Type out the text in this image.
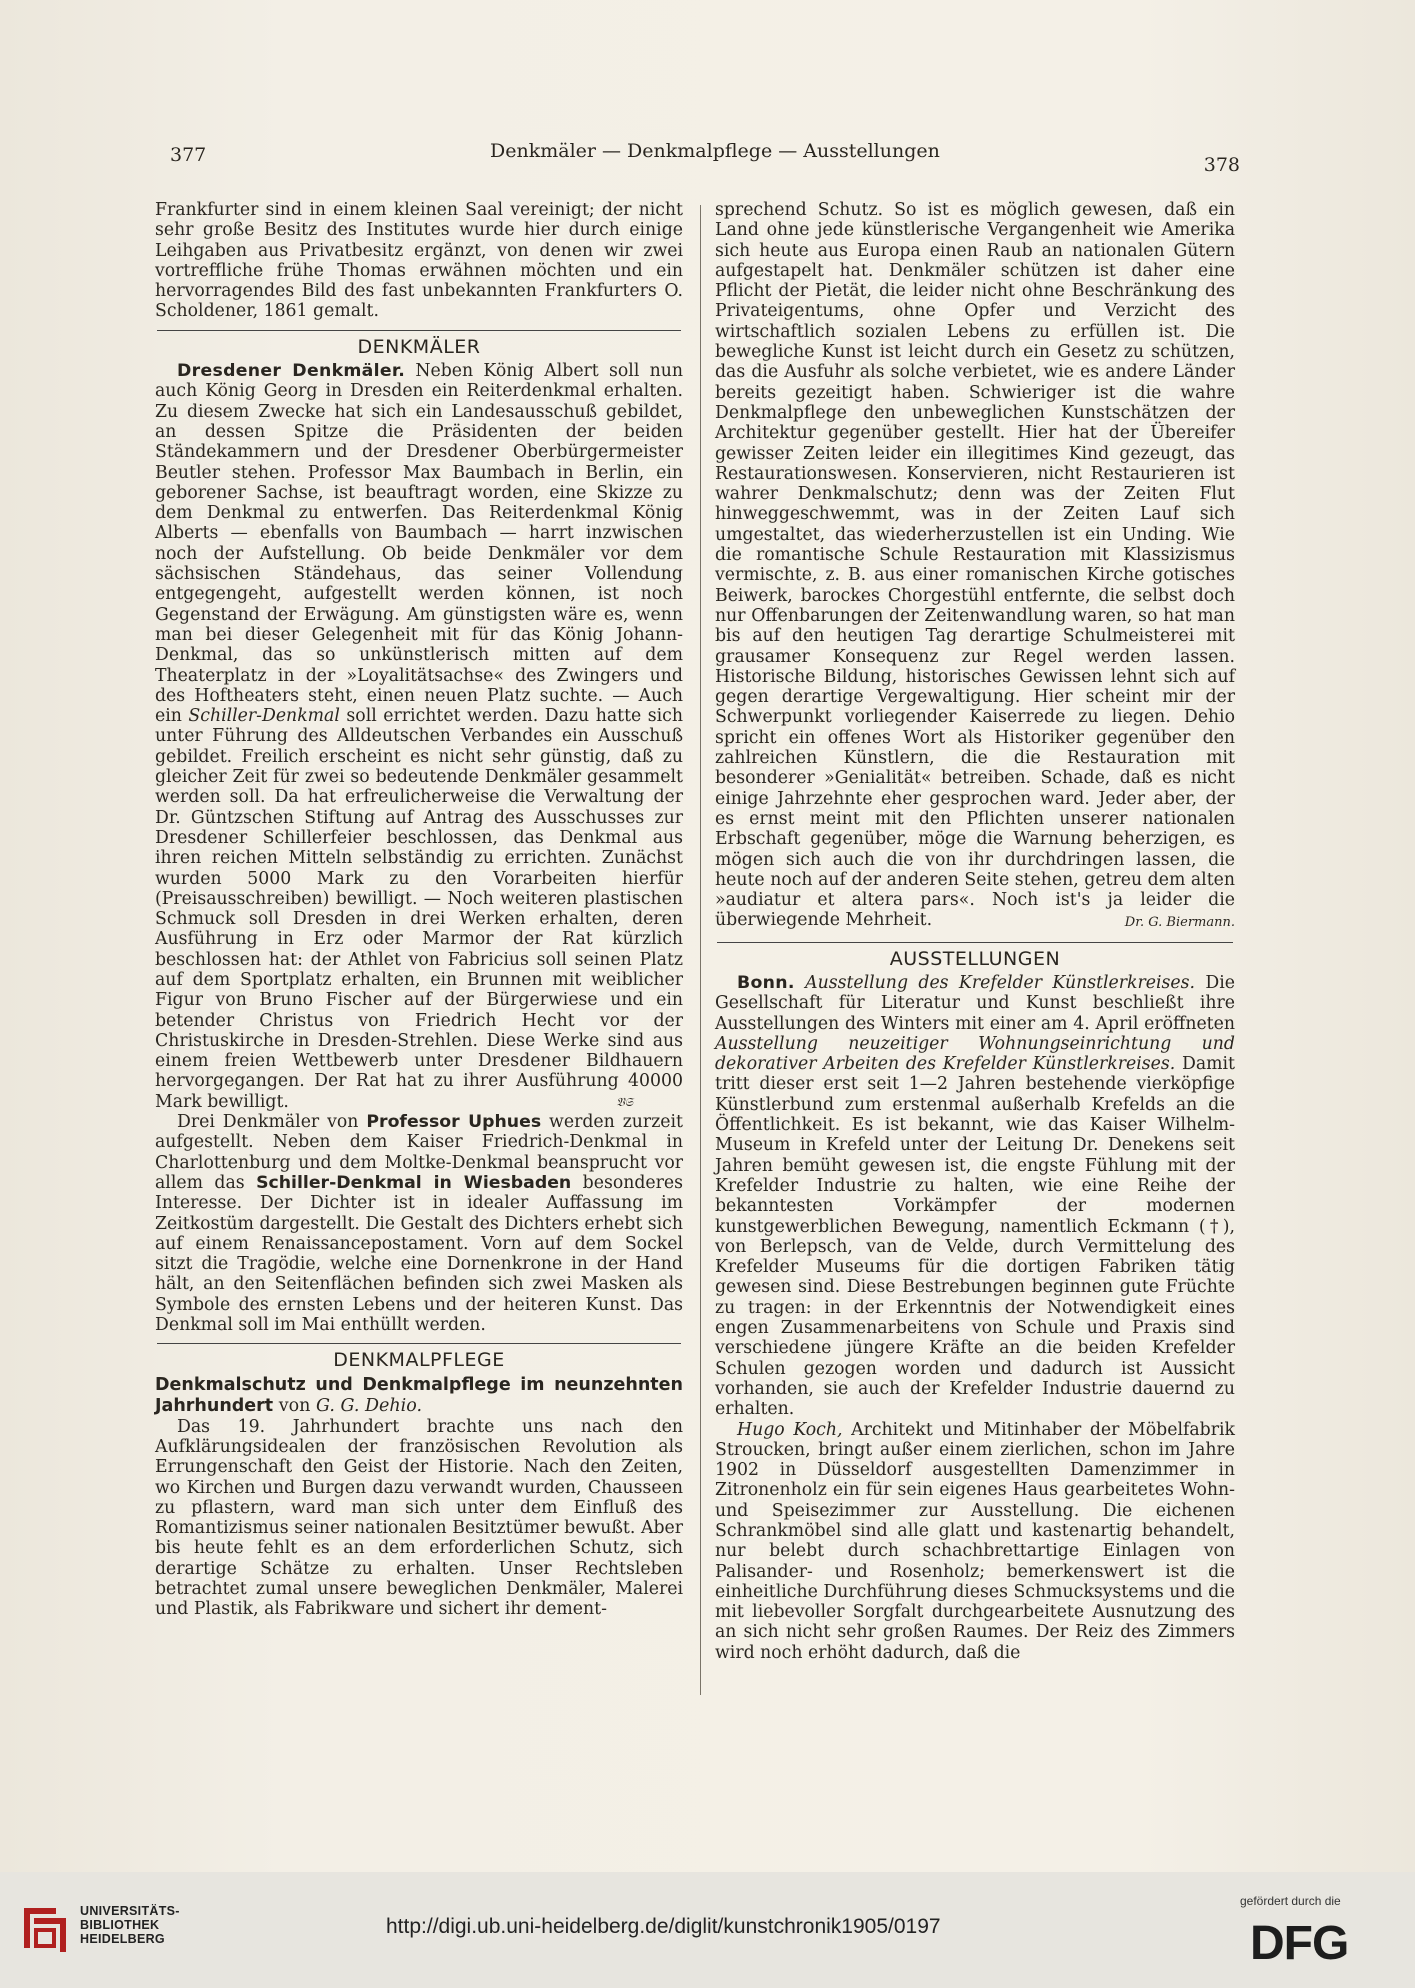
377	Denkmäler — Denkmalpflege — Ausstellungen
378

Frankfurter sind in einem kleinen Saal vereinigt; der nicht sehr große Besitz des Institutes wurde hier durch einige Leihgaben aus Privatbesitz ergänzt, von denen wir zwei vortreffliche frühe Thomas erwähnen möchten und ein hervorragendes Bild des fast unbekannten Frankfurters O. Scholdener, 1861 gemalt.

DENKMÄLER

Dresdener Denkmäler. Neben König Albert soll nun auch König Georg in Dresden ein Reiterdenkmal erhalten. Zu diesem Zwecke hat sich ein Landesausschuß gebildet, an dessen Spitze die Präsidenten der beiden Ständekammern und der Dresdener Oberbürgermeister Beutler stehen. Professor Max Baumbach in Berlin, ein geborener Sachse, ist beauftragt worden, eine Skizze zu dem Denkmal zu entwerfen. Das Reiterdenkmal König Alberts — ebenfalls von Baumbach — harrt inzwischen noch der Aufstellung. Ob beide Denkmäler vor dem sächsischen Ständehaus, das seiner Vollendung entgegengeht, aufgestellt werden können, ist noch Gegenstand der Erwägung. Am günstigsten wäre es, wenn man bei dieser Gelegenheit mit für das König Johann-Denkmal, das so unkünstlerisch mitten auf dem Theaterplatz in der »Loyalitätsachse« des Zwingers und des Hoftheaters steht, einen neuen Platz suchte. — Auch ein Schiller-Denkmal soll errichtet werden. Dazu hatte sich unter Führung des Alldeutschen Verbandes ein Ausschuß gebildet. Freilich erscheint es nicht sehr günstig, daß zu gleicher Zeit für zwei so bedeutende Denkmäler gesammelt werden soll. Da hat erfreulicherweise die Verwaltung der Dr. Güntzschen Stiftung auf Antrag des Ausschusses zur Dresdener Schillerfeier beschlossen, das Denkmal aus ihren reichen Mitteln selbständig zu errichten. Zunächst wurden 5000 Mark zu den Vorarbeiten hierfür (Preisausschreiben) bewilligt. — Noch weiteren plastischen Schmuck soll Dresden in drei Werken erhalten, deren Ausführung in Erz oder Marmor der Rat kürzlich beschlossen hat: der Athlet von Fabricius soll seinen Platz auf dem Sportplatz erhalten, ein Brunnen mit weiblicher Figur von Bruno Fischer auf der Bürgerwiese und ein betender Christus von Friedrich Hecht vor der Christuskirche in Dresden-Strehlen. Diese Werke sind aus einem freien Wettbewerb unter Dresdener Bildhauern hervorgegangen. Der Rat hat zu ihrer Ausführung 40000 Mark bewilligt.	𝔙𝔖

Drei Denkmäler von Professor Uphues werden zurzeit aufgestellt. Neben dem Kaiser Friedrich-Denkmal in Charlottenburg und dem Moltke-Denkmal beansprucht vor allem das Schiller-Denkmal in Wiesbaden besonderes Interesse. Der Dichter ist in idealer Auffassung im Zeitkostüm dargestellt. Die Gestalt des Dichters erhebt sich auf einem Renaissancepostament. Vorn auf dem Sockel sitzt die Tragödie, welche eine Dornenkrone in der Hand hält, an den Seitenflächen befinden sich zwei Masken als Symbole des ernsten Lebens und der heiteren Kunst. Das Denkmal soll im Mai enthüllt werden.

DENKMALPFLEGE

Denkmalschutz und Denkmalpflege im neunzehnten Jahrhundert von G. G. Dehio.

Das 19. Jahrhundert brachte uns nach den Aufklärungsidealen der französischen Revolution als Errungenschaft den Geist der Historie. Nach den Zeiten, wo Kirchen und Burgen dazu verwandt wurden, Chausseen zu pflastern, ward man sich unter dem Einfluß des Romantizismus seiner nationalen Besitztümer bewußt. Aber bis heute fehlt es an dem erforderlichen Schutz, sich derartige Schätze zu erhalten. Unser Rechtsleben betrachtet zumal unsere beweglichen Denkmäler, Malerei und Plastik, als Fabrikware und sichert ihr dement-

sprechend Schutz. So ist es möglich gewesen, daß ein Land ohne jede künstlerische Vergangenheit wie Amerika sich heute aus Europa einen Raub an nationalen Gütern aufgestapelt hat. Denkmäler schützen ist daher eine Pflicht der Pietät, die leider nicht ohne Beschränkung des Privateigentums, ohne Opfer und Verzicht des wirtschaftlich sozialen Lebens zu erfüllen ist. Die bewegliche Kunst ist leicht durch ein Gesetz zu schützen, das die Ausfuhr als solche verbietet, wie es andere Länder bereits gezeitigt haben. Schwieriger ist die wahre Denkmalpflege den unbeweglichen Kunstschätzen der Architektur gegenüber gestellt. Hier hat der Übereifer gewisser Zeiten leider ein illegitimes Kind gezeugt, das Restaurationswesen. Konservieren, nicht Restaurieren ist wahrer Denkmalschutz; denn was der Zeiten Flut hinweggeschwemmt, was in der Zeiten Lauf sich umgestaltet, das wiederherzustellen ist ein Unding. Wie die romantische Schule Restauration mit Klassizismus vermischte, z. B. aus einer romanischen Kirche gotisches Beiwerk, barockes Chorgestühl entfernte, die selbst doch nur Offenbarungen der Zeitenwandlung waren, so hat man bis auf den heutigen Tag derartige Schulmeisterei mit grausamer Konsequenz zur Regel werden lassen. Historische Bildung, historisches Gewissen lehnt sich auf gegen derartige Vergewaltigung. Hier scheint mir der Schwerpunkt vorliegender Kaiserrede zu liegen. Dehio spricht ein offenes Wort als Historiker gegenüber den zahlreichen Künstlern, die die Restauration mit besonderer »Genialität« betreiben. Schade, daß es nicht einige Jahrzehnte eher gesprochen ward. Jeder aber, der es ernst meint mit den Pflichten unserer nationalen Erbschaft gegenüber, möge die Warnung beherzigen, es mögen sich auch die von ihr durchdringen lassen, die heute noch auf der anderen Seite stehen, getreu dem alten »audiatur et altera pars«. Noch ist's ja leider die überwiegende Mehrheit.	Dr. G. Biermann.

AUSSTELLUNGEN

Bonn. Ausstellung des Krefelder Künstlerkreises. Die Gesellschaft für Literatur und Kunst beschließt ihre Ausstellungen des Winters mit einer am 4. April eröffneten Ausstellung neuzeitiger Wohnungseinrichtung und dekorativer Arbeiten des Krefelder Künstlerkreises. Damit tritt dieser erst seit 1—2 Jahren bestehende vierköpfige Künstlerbund zum erstenmal außerhalb Krefelds an die Öffentlichkeit. Es ist bekannt, wie das Kaiser Wilhelm-Museum in Krefeld unter der Leitung Dr. Denekens seit Jahren bemüht gewesen ist, die engste Fühlung mit der Krefelder Industrie zu halten, wie eine Reihe der bekanntesten Vorkämpfer der modernen kunstgewerblichen Bewegung, namentlich Eckmann (†), von Berlepsch, van de Velde, durch Vermittelung des Krefelder Museums für die dortigen Fabriken tätig gewesen sind. Diese Bestrebungen beginnen gute Früchte zu tragen: in der Erkenntnis der Notwendigkeit eines engen Zusammenarbeitens von Schule und Praxis sind verschiedene jüngere Kräfte an die beiden Krefelder Schulen gezogen worden und dadurch ist Aussicht vorhanden, sie auch der Krefelder Industrie dauernd zu erhalten.

Hugo Koch, Architekt und Mitinhaber der Möbelfabrik Stroucken, bringt außer einem zierlichen, schon im Jahre 1902 in Düsseldorf ausgestellten Damenzimmer in Zitronenholz ein für sein eigenes Haus gearbeitetes Wohn- und Speisezimmer zur Ausstellung. Die eichenen Schrankmöbel sind alle glatt und kastenartig behandelt, nur belebt durch schachbrettartige Einlagen von Palisander- und Rosenholz; bemerkenswert ist die einheitliche Durchführung dieses Schmucksystems und die mit liebevoller Sorgfalt durchgearbeitete Ausnutzung des an sich nicht sehr großen Raumes. Der Reiz des Zimmers wird noch erhöht dadurch, daß die

UNIVERSITÄTS-
BIBLIOTHEK
HEIDELBERG
http://digi.ub.uni-heidelberg.de/diglit/kunstchronik1905/0197
gefördert durch die
DFG
